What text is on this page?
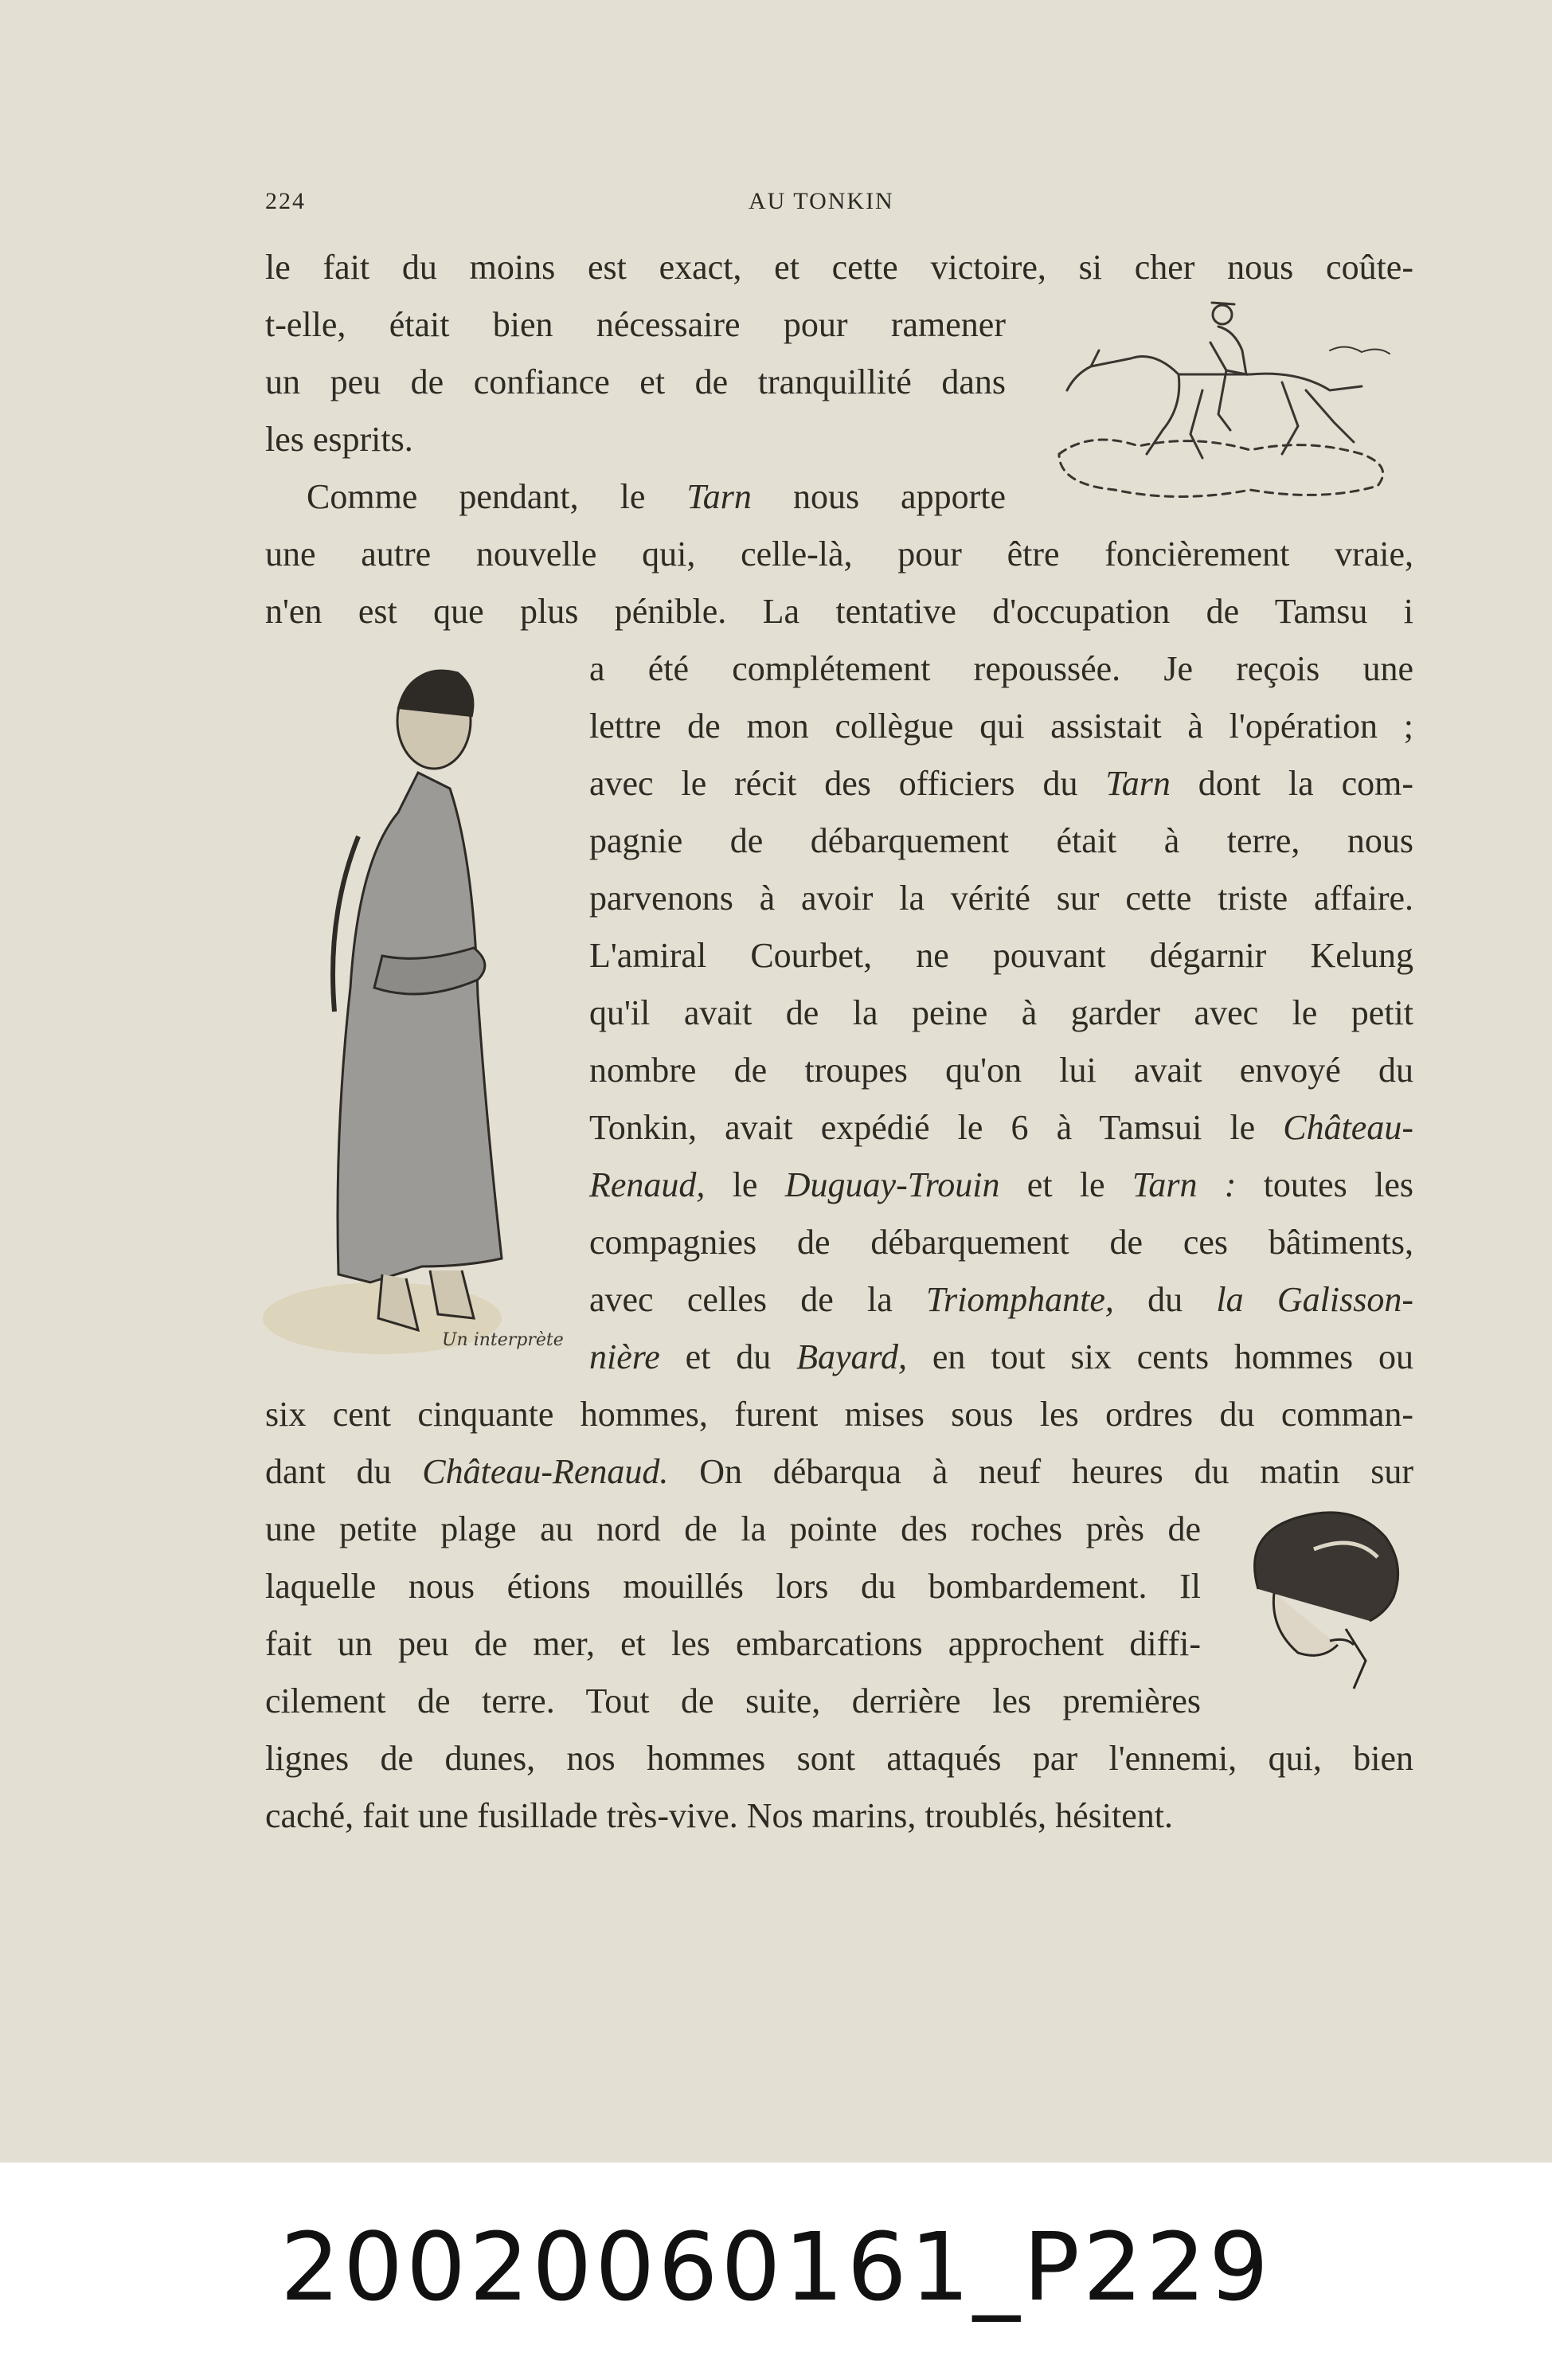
224	AU TONKIN
le fait du moins est exact, et cette victoire, si cher nous coûte-
t-elle, était bien nécessaire pour ramener
un peu de confiance et de tranquillité dans
les esprits.
Comme pendant, le Tarn nous apporte
une autre nouvelle qui, celle-là, pour être foncièrement vraie,
n'en est que plus pénible. La tentative d'occupation de Tamsu i
a été complétement repoussée. Je reçois une
lettre de mon collègue qui assistait à l'opération ;
avec le récit des officiers du Tarn dont la com-
pagnie de débarquement était à terre, nous
parvenons à avoir la vérité sur cette triste affaire.
L'amiral Courbet, ne pouvant dégarnir Kelung
qu'il avait de la peine à garder avec le petit
nombre de troupes qu'on lui avait envoyé du
Tonkin, avait expédié le 6 à Tamsui le Château-
Renaud, le Duguay-Trouin et le Tarn : toutes les
compagnies de débarquement de ces bâtiments,
avec celles de la Triomphante, du la Galisson-
nière et du Bayard, en tout six cents hommes ou
six cent cinquante hommes, furent mises sous les ordres du comman-
dant du Château-Renaud. On débarqua à neuf heures du matin sur
une petite plage au nord de la pointe des roches près de
laquelle nous étions mouillés lors du bombardement. Il
fait un peu de mer, et les embarcations approchent diffi-
cilement de terre. Tout de suite, derrière les premières
lignes de dunes, nos hommes sont attaqués par l'ennemi, qui, bien
caché, fait une fusillade très-vive. Nos marins, troublés, hésitent.
Un interprète
20020060161_P229
